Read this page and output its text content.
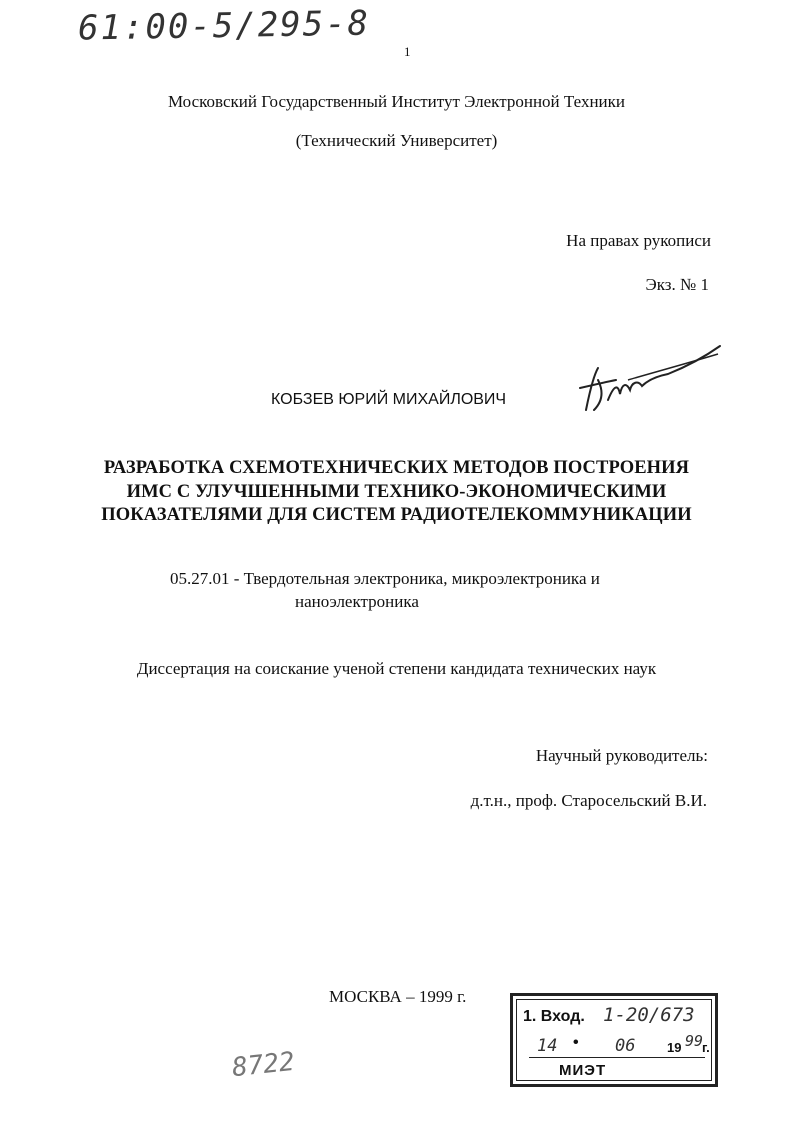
61:00-5/295-8
1
Московский Государственный Институт Электронной Техники
(Технический Университет)
На правах рукописи
Экз. № 1
КОБЗЕВ ЮРИЙ МИХАЙЛОВИЧ
РАЗРАБОТКА СХЕМОТЕХНИЧЕСКИХ МЕТОДОВ ПОСТРОЕНИЯ
ИМС С УЛУЧШЕННЫМИ ТЕХНИКО-ЭКОНОМИЧЕСКИМИ
ПОКАЗАТЕЛЯМИ ДЛЯ СИСТЕМ РАДИОТЕЛЕКОММУНИКАЦИИ
05.27.01 - Твердотельная электроника, микроэлектроника и
наноэлектроника
Диссертация на соискание ученой степени кандидата технических наук
Научный руководитель:
д.т.н., проф. Старосельский В.И.
МОСКВА – 1999 г.
8722
1. Вход. 1-20/673
14 • 06 19 99
г.
МИЭТ
